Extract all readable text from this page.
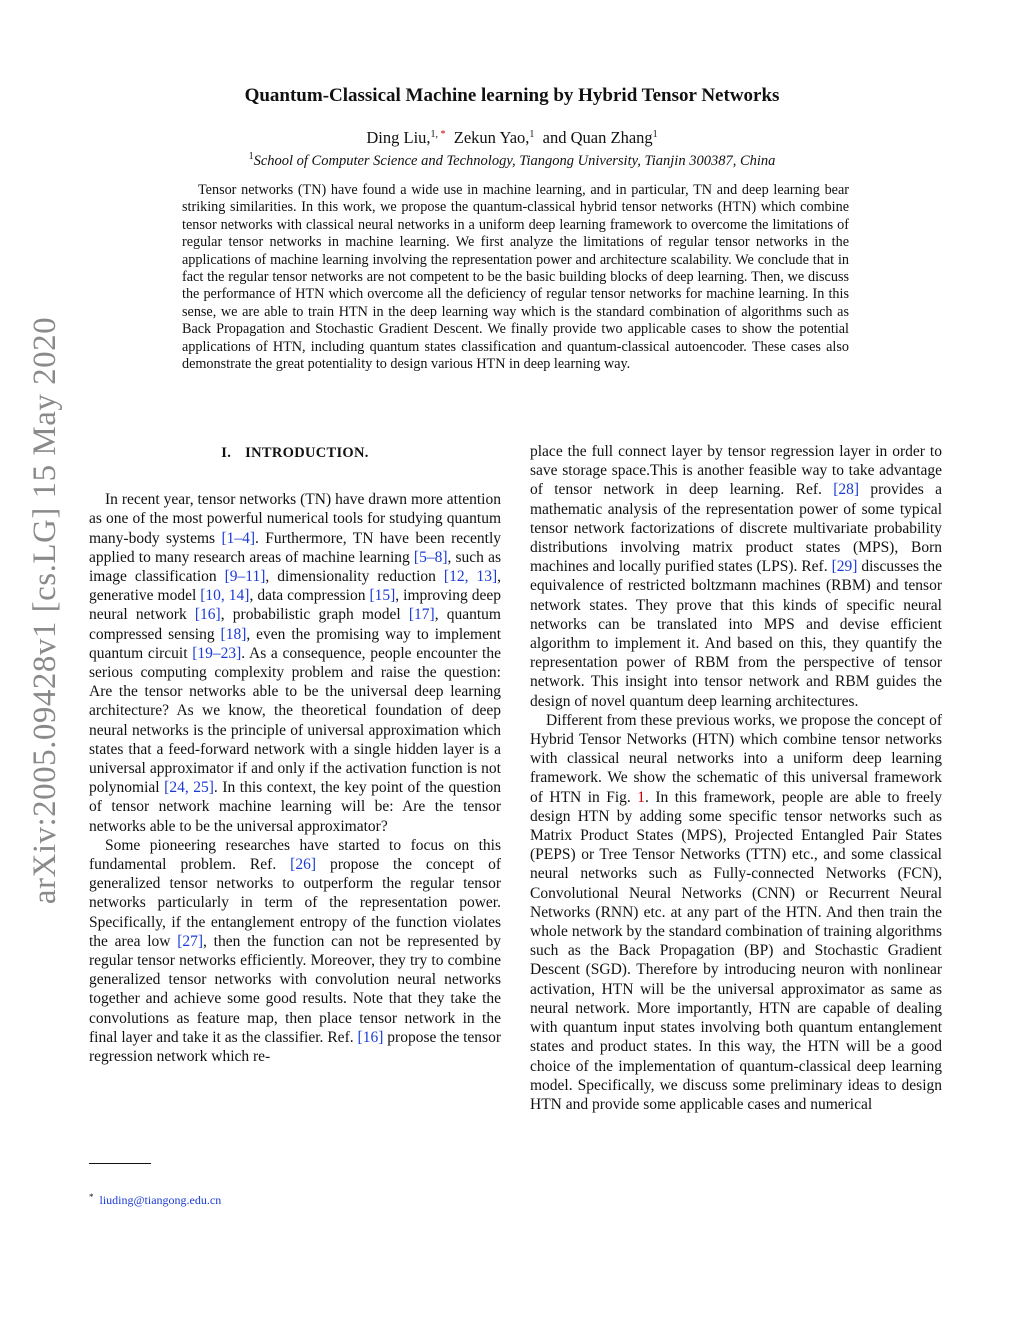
arXiv:2005.09428v1 [cs.LG] 15 May 2020
Quantum-Classical Machine learning by Hybrid Tensor Networks
Ding Liu,$^{1, *}$ Zekun Yao,$^1$ and Quan Zhang$^1$
$^1$School of Computer Science and Technology, Tiangong University, Tianjin 300387, China

Tensor networks (TN) have found a wide use in machine learning, and in particular, TN and deep learning bear striking similarities. In this work, we propose the quantum-classical hybrid tensor networks (HTN) which combine tensor networks with classical neural networks in a uniform deep learning framework to overcome the limitations of regular tensor networks in machine learning. We first analyze the limitations of regular tensor networks in the applications of machine learning involving the representation power and architecture scalability. We conclude that in fact the regular tensor networks are not competent to be the basic building blocks of deep learning. Then, we discuss the performance of HTN which overcome all the deficiency of regular tensor networks for machine learning. In this sense, we are able to train HTN in the deep learning way which is the standard combination of algorithms such as Back Propagation and Stochastic Gradient Descent. We finally provide two applicable cases to show the potential applications of HTN, including quantum states classification and quantum-classical autoencoder. These cases also demonstrate the great potentiality to design various HTN in deep learning way.

I. INTRODUCTION.

In recent year, tensor networks (TN) have drawn more attention as one of the most powerful numerical tools for studying quantum many-body systems [1–4]. Furthermore, TN have been recently applied to many research areas of machine learning [5–8], such as image classification [9–11], dimensionality reduction [12, 13], generative model [10, 14], data compression [15], improving deep neural network [16], probabilistic graph model [17], quantum compressed sensing [18], even the promising way to implement quantum circuit [19–23]. As a consequence, people encounter the serious computing complexity problem and raise the question: Are the tensor networks able to be the universal deep learning architecture? As we know, the theoretical foundation of deep neural networks is the principle of universal approximation which states that a feed-forward network with a single hidden layer is a universal approximator if and only if the activation function is not polynomial [24, 25]. In this context, the key point of the question of tensor network machine learning will be: Are the tensor networks able to be the universal approximator?

Some pioneering researches have started to focus on this fundamental problem. Ref. [26] propose the concept of generalized tensor networks to outperform the regular tensor networks particularly in term of the representation power. Specifically, if the entanglement entropy of the function violates the area low [27], then the function can not be represented by regular tensor networks efficiently. Moreover, they try to combine generalized tensor networks with convolution neural networks together and achieve some good results. Note that they take the convolutions as feature map, then place tensor network in the final layer and take it as the classifier. Ref. [16] propose the tensor regression network which re-

place the full connect layer by tensor regression layer in order to save storage space.This is another feasible way to take advantage of tensor network in deep learning. Ref. [28] provides a mathematic analysis of the representation power of some typical tensor network factorizations of discrete multivariate probability distributions involving matrix product states (MPS), Born machines and locally purified states (LPS). Ref. [29] discusses the equivalence of restricted boltzmann machines (RBM) and tensor network states. They prove that this kinds of specific neural networks can be translated into MPS and devise efficient algorithm to implement it. And based on this, they quantify the representation power of RBM from the perspective of tensor network. This insight into tensor network and RBM guides the design of novel quantum deep learning architectures.

Different from these previous works, we propose the concept of Hybrid Tensor Networks (HTN) which combine tensor networks with classical neural networks into a uniform deep learning framework. We show the schematic of this universal framework of HTN in Fig. 1. In this framework, people are able to freely design HTN by adding some specific tensor networks such as Matrix Product States (MPS), Projected Entangled Pair States (PEPS) or Tree Tensor Networks (TTN) etc., and some classical neural networks such as Fully-connected Networks (FCN), Convolutional Neural Networks (CNN) or Recurrent Neural Networks (RNN) etc. at any part of the HTN. And then train the whole network by the standard combination of training algorithms such as the Back Propagation (BP) and Stochastic Gradient Descent (SGD). Therefore by introducing neuron with nonlinear activation, HTN will be the universal approximator as same as neural network. More importantly, HTN are capable of dealing with quantum input states involving both quantum entanglement states and product states. In this way, the HTN will be a good choice of the implementation of quantum-classical deep learning model. Specifically, we discuss some preliminary ideas to design HTN and provide some applicable cases and numerical

* liuding@tiangong.edu.cn
